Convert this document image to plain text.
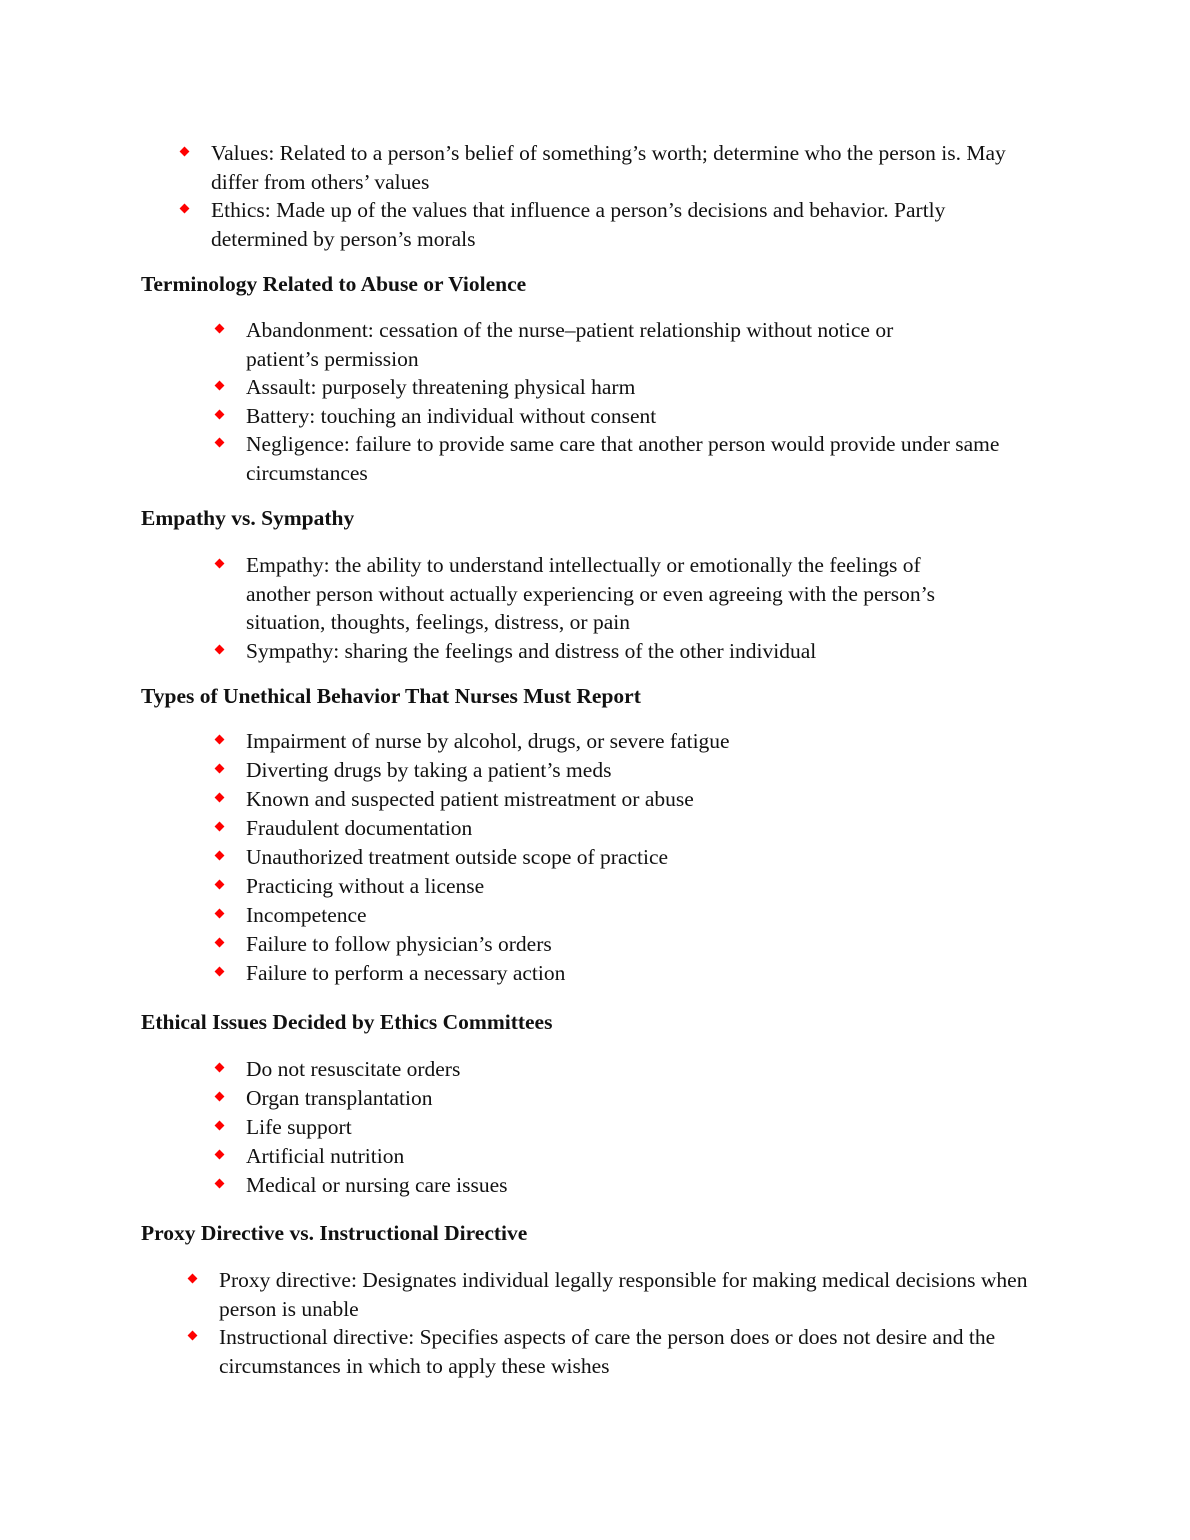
Values: Related to a person’s belief of something’s worth; determine who the person is. May differ from others’ values
Ethics: Made up of the values that influence a person’s decisions and behavior. Partly determined by person’s morals
Terminology Related to Abuse or Violence
Abandonment: cessation of the nurse–patient relationship without notice or patient’s permission
Assault: purposely threatening physical harm
Battery: touching an individual without consent
Negligence: failure to provide same care that another person would provide under same circumstances
Empathy vs. Sympathy
Empathy: the ability to understand intellectually or emotionally the feelings of another person without actually experiencing or even agreeing with the person’s situation, thoughts, feelings, distress, or pain
Sympathy: sharing the feelings and distress of the other individual
Types of Unethical Behavior That Nurses Must Report
Impairment of nurse by alcohol, drugs, or severe fatigue
Diverting drugs by taking a patient’s meds
Known and suspected patient mistreatment or abuse
Fraudulent documentation
Unauthorized treatment outside scope of practice
Practicing without a license
Incompetence
Failure to follow physician’s orders
Failure to perform a necessary action
Ethical Issues Decided by Ethics Committees
Do not resuscitate orders
Organ transplantation
Life support
Artificial nutrition
Medical or nursing care issues
Proxy Directive vs. Instructional Directive
Proxy directive: Designates individual legally responsible for making medical decisions when person is unable
Instructional directive: Specifies aspects of care the person does or does not desire and the circumstances in which to apply these wishes
